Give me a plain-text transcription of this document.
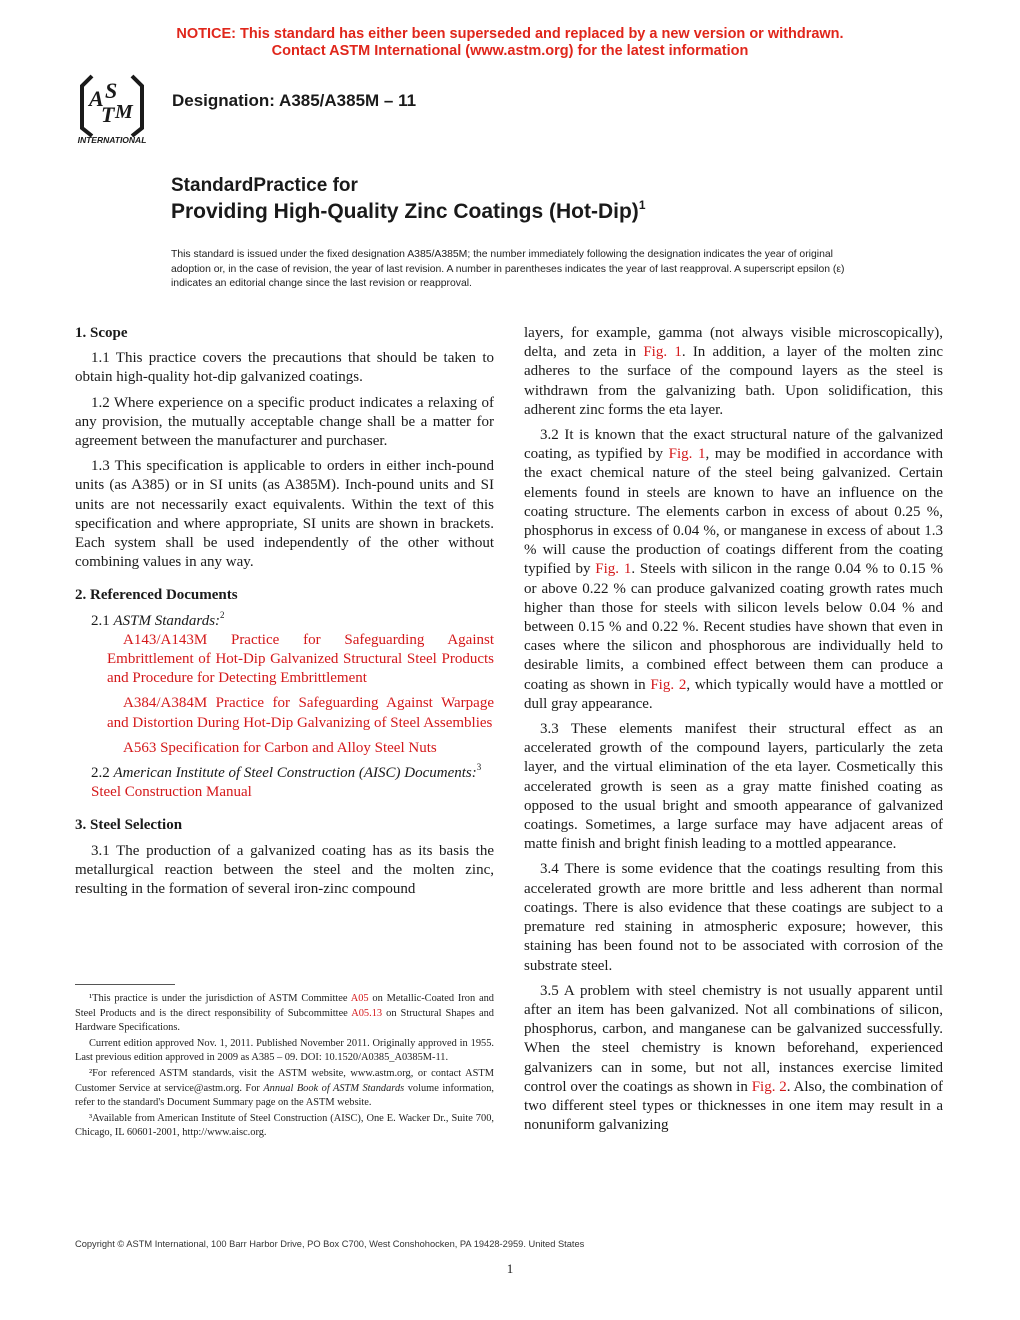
NOTICE: This standard has either been superseded and replaced by a new version or withdrawn.
Contact ASTM International (www.astm.org) for the latest information
A S
T M
INTERNATIONAL
Designation: A385/A385M – 11
StandardPractice for
Providing High-Quality Zinc Coatings $(Hot-Dip)^1$
This standard is issued under the fixed designation A385/A385M; the number immediately following the designation indicates the year of original adoption or, in the case of revision, the year of last revision. A number in parentheses indicates the year of last reapproval. A superscript epsilon (ε) indicates an editorial change since the last revision or reapproval.
1. Scope

1.1 This practice covers the precautions that should be taken to obtain high-quality hot-dip galvanized coatings.

1.2 Where experience on a specific product indicates a relaxing of any provision, the mutually acceptable change shall be a matter for agreement between the manufacturer and purchaser.

1.3 This specification is applicable to orders in either inch-pound units (as A385) or in SI units (as A385M). Inch-pound units and SI units are not necessarily exact equivalents. Within the text of this specification and where appropriate, SI units are shown in brackets. Each system shall be used independently of the other without combining values in any way.

2. Referenced Documents

2.1 ASTM Standards:$^2$

A143/A143M Practice for Safeguarding Against Embrittlement of Hot-Dip Galvanized Structural Steel Products and Procedure for Detecting Embrittlement

A384/A384M Practice for Safeguarding Against Warpage and Distortion During Hot-Dip Galvanizing of Steel Assemblies

A563 Specification for Carbon and Alloy Steel Nuts

2.2 American Institute of Steel Construction (AISC) Documents:$^3$

Steel Construction Manual

3. Steel Selection

3.1 The production of a galvanized coating has as its basis the metallurgical reaction between the steel and the molten zinc, resulting in the formation of several iron-zinc compound

¹This practice is under the jurisdiction of ASTM Committee A05 on Metallic-Coated Iron and Steel Products and is the direct responsibility of Subcommittee A05.13 on Structural Shapes and Hardware Specifications.

Current edition approved Nov. 1, 2011. Published November 2011. Originally approved in 1955. Last previous edition approved in 2009 as A385 – 09. DOI: 10.1520/A0385_A0385M-11.

²For referenced ASTM standards, visit the ASTM website, www.astm.org, or contact ASTM Customer Service at service@astm.org. For Annual Book of ASTM Standards volume information, refer to the standard's Document Summary page on the ASTM website.

³Available from American Institute of Steel Construction (AISC), One E. Wacker Dr., Suite 700, Chicago, IL 60601-2001, http://www.aisc.org.

layers, for example, gamma (not always visible microscopically), delta, and zeta in Fig. 1. In addition, a layer of the molten zinc adheres to the surface of the compound layers as the steel is withdrawn from the galvanizing bath. Upon solidification, this adherent zinc forms the eta layer.

3.2 It is known that the exact structural nature of the galvanized coating, as typified by Fig. 1, may be modified in accordance with the exact chemical nature of the steel being galvanized. Certain elements found in steels are known to have an influence on the coating structure. The elements carbon in excess of about 0.25 %, phosphorus in excess of 0.04 %, or manganese in excess of about 1.3 % will cause the production of coatings different from the coating typified by Fig. 1. Steels with silicon in the range 0.04 % to 0.15 % or above 0.22 % can produce galvanized coating growth rates much higher than those for steels with silicon levels below 0.04 % and between 0.15 % and 0.22 %. Recent studies have shown that even in cases where the silicon and phosphorous are individually held to desirable limits, a combined effect between them can produce a coating as shown in Fig. 2, which typically would have a mottled or dull gray appearance.

3.3 These elements manifest their structural effect as an accelerated growth of the compound layers, particularly the zeta layer, and the virtual elimination of the eta layer. Cosmetically this accelerated growth is seen as a gray matte finished coating as opposed to the usual bright and smooth appearance of galvanized coatings. Sometimes, a large surface may have adjacent areas of matte finish and bright finish leading to a mottled appearance.

3.4 There is some evidence that the coatings resulting from this accelerated growth are more brittle and less adherent than normal coatings. There is also evidence that these coatings are subject to a premature red staining in atmospheric exposure; however, this staining has been found not to be associated with corrosion of the substrate steel.

3.5 A problem with steel chemistry is not usually apparent until after an item has been galvanized. Not all combinations of silicon, phosphorus, carbon, and manganese can be galvanized successfully. When the steel chemistry is known beforehand, experienced galvanizers can in some, but not all, instances exercise limited control over the coatings as shown in Fig. 2. Also, the combination of two different steel types or thicknesses in one item may result in a nonuniform galvanizing

Copyright © ASTM International, 100 Barr Harbor Drive, PO Box C700, West Conshohocken, PA 19428-2959. United States
1
